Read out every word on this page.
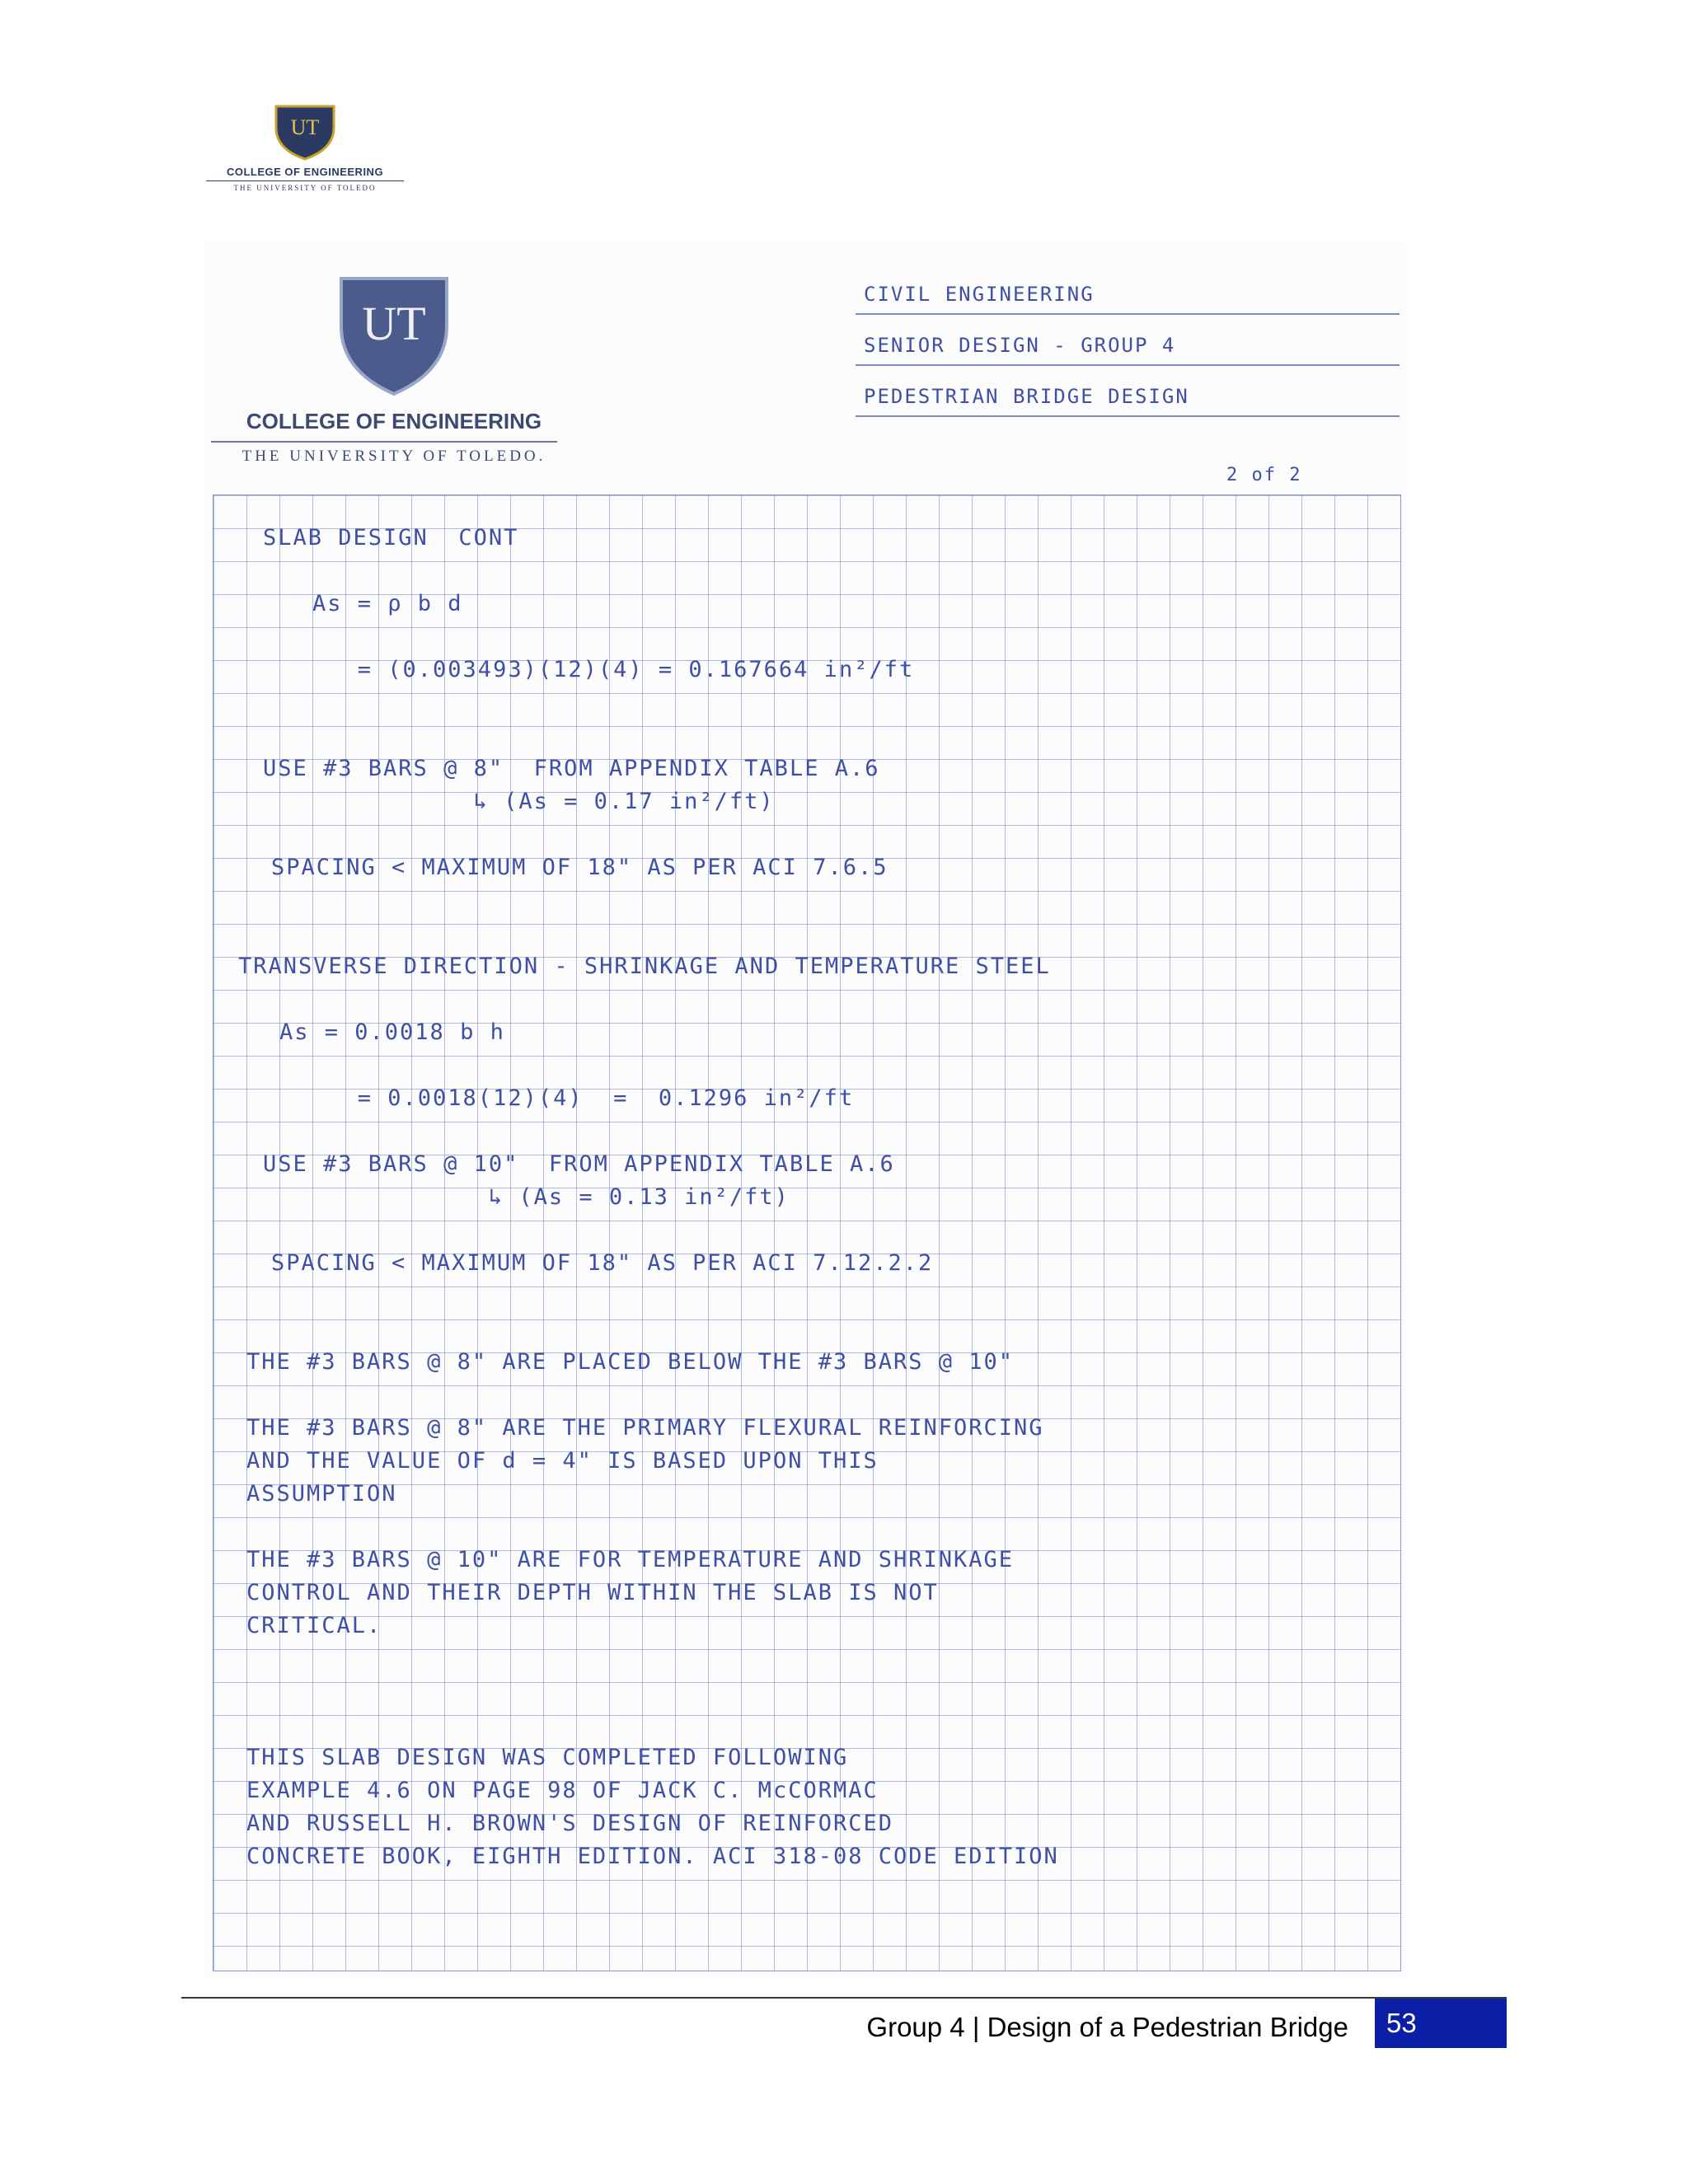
UT
COLLEGE OF ENGINEERING
THE UNIVERSITY OF TOLEDO
UT
COLLEGE OF ENGINEERING
THE UNIVERSITY OF TOLEDO.
CIVIL ENGINEERING
SENIOR DESIGN - GROUP 4
PEDESTRIAN BRIDGE DESIGN
2 of 2
SLAB DESIGN  CONT
As = ρ b d
= (0.003493)(12)(4) = 0.167664 in²/ft
USE #3 BARS @ 8"  FROM APPENDIX TABLE A.6
↳ (As = 0.17 in²/ft)
SPACING < MAXIMUM OF 18" AS PER ACI 7.6.5
TRANSVERSE DIRECTION - SHRINKAGE AND TEMPERATURE STEEL
As = 0.0018 b h
= 0.0018(12)(4)  =  0.1296 in²/ft
USE #3 BARS @ 10"  FROM APPENDIX TABLE A.6
↳ (As = 0.13 in²/ft)
SPACING < MAXIMUM OF 18" AS PER ACI 7.12.2.2
THE #3 BARS @ 8" ARE PLACED BELOW THE #3 BARS @ 10"
THE #3 BARS @ 8" ARE THE PRIMARY FLEXURAL REINFORCING
AND THE VALUE OF d = 4" IS BASED UPON THIS
ASSUMPTION
THE #3 BARS @ 10" ARE FOR TEMPERATURE AND SHRINKAGE
CONTROL AND THEIR DEPTH WITHIN THE SLAB IS NOT
CRITICAL.
THIS SLAB DESIGN WAS COMPLETED FOLLOWING
EXAMPLE 4.6 ON PAGE 98 OF JACK C. McCORMAC
AND RUSSELL H. BROWN'S DESIGN OF REINFORCED
CONCRETE BOOK, EIGHTH EDITION. ACI 318-08 CODE EDITION
Group 4 | Design of a Pedestrian Bridge	53
